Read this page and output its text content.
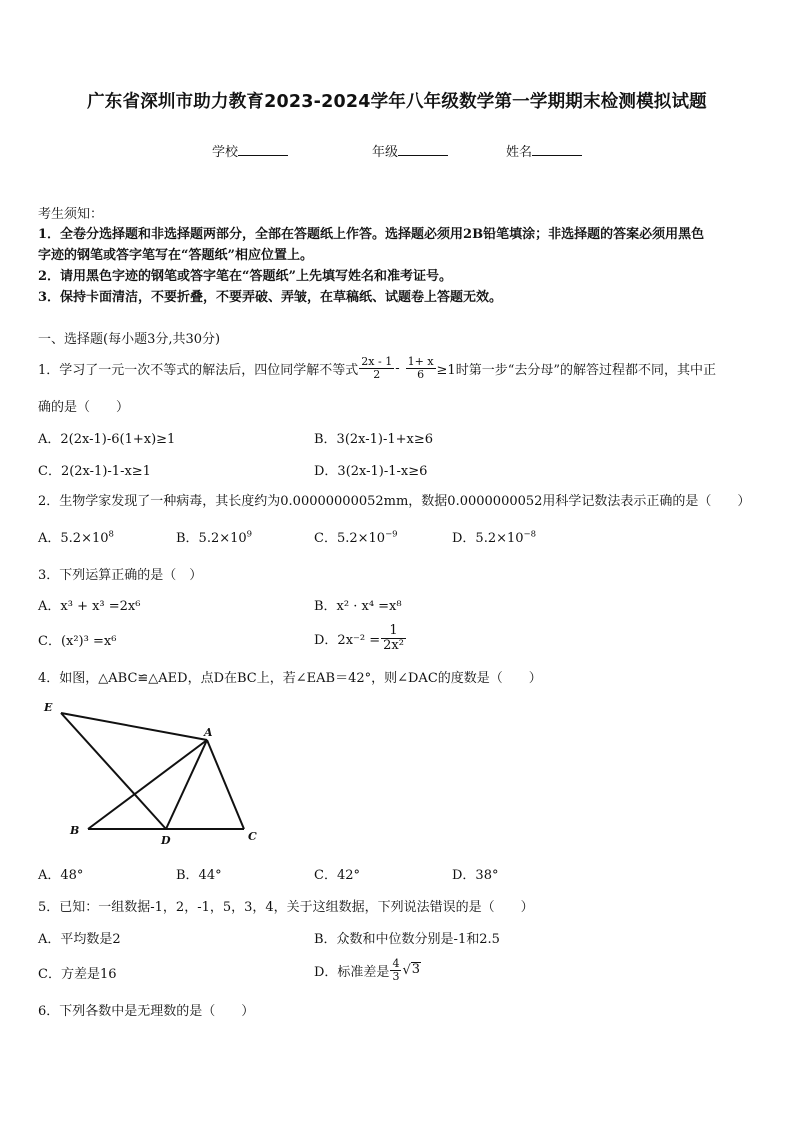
广东省深圳市助力教育2023-2024学年八年级数学第一学期期末检测模拟试题
学校	年级	姓名
考生须知：
1．全卷分选择题和非选择题两部分，全部在答题纸上作答。选择题必须用2B铅笔填涂；非选择题的答案必须用黑色
字迹的钢笔或答字笔写在“答题纸”相应位置上。
2．请用黑色字迹的钢笔或答字笔在“答题纸”上先填写姓名和准考证号。
3．保持卡面清洁，不要折叠，不要弄破、弄皱，在草稿纸、试题卷上答题无效。
一、选择题(每小题3分,共30分)
1．学习了一元一次不等式的解法后，四位同学解不等式 $\frac{2x - 1}{2} - \frac{1+ x}{6} \ge 1$时第一步“去分母”的解答过程都不同，其中正
确的是（　　）
A．2(2x-1)-6(1+x)≥1	B．3(2x-1)-1+x≥6
C．2(2x-1)-1-x≥1	D．3(2x-1)-1-x≥6
2．生物学家发现了一种病毒，其长度约为0.00000000052mm，数据0.0000000052用科学记数法表示正确的是（　　）
A．$5.2\times 10^8$	B．$5.2\times 10^9$	C．$5.2\times 10^{-9}$	D．$5.2\times 10^{-8}$
3．下列运算正确的是（　）
A．x³ + x³ =2x⁶	B．x² · x⁴ =x⁸
C．(x²)³ =x⁶	D．$2x^{-2} = \frac{1}{\text{2x²}}$
4．如图，△ABC≌△AED，点D在BC上，若∠EAB＝42°，则∠DAC的度数是（　　）
E
A
B
D	C
A．48°	B．44°	C．42°	D．38°
5．已知：一组数据-1，2，-1，5，3，4，关于这组数据，下列说法错误的是（　　）
A．平均数是2	B．众数和中位数分别是-1和2.5
C．方差是16	D．标准差是 $\frac{4}{3}$ √ 3
6．下列各数中是无理数的是（　　）
